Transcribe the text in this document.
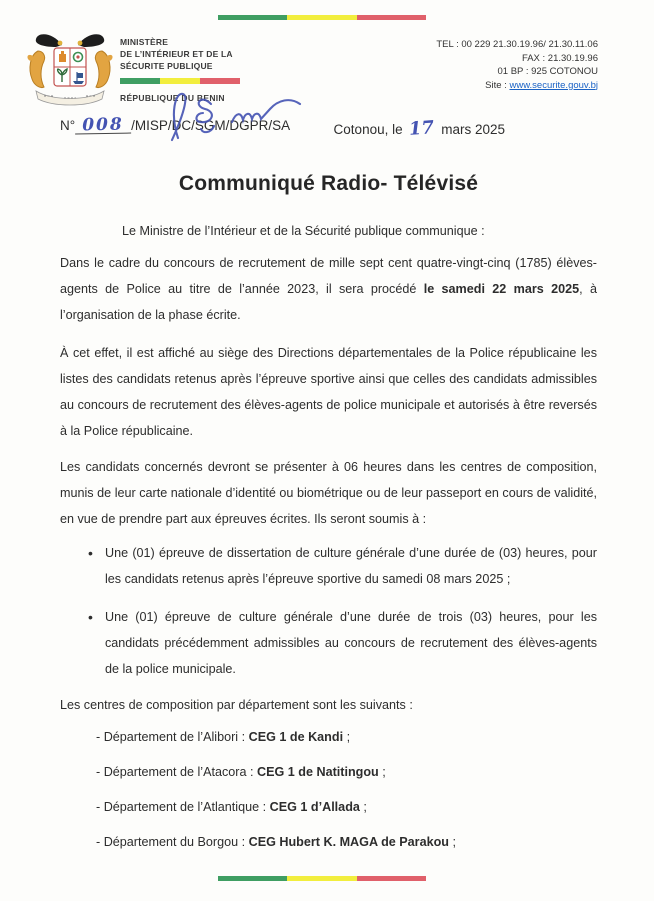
MINISTÈRE
DE L’INTÉRIEUR ET DE LA
SÉCURITE PUBLIQUE
RÉPUBLIQUE DU BENIN
TEL : 00 229 21.30.19.96/ 21.30.11.06
FAX : 21.30.19.96
01 BP : 925 COTONOU
Site : www.securite.gouv.bj
N° 008 /MISP/DC/SGM/DGPR/SA	Cotonou, le 17 mars 2025
Communiqué Radio- Télévisé

Le Ministre de l’Intérieur et de la Sécurité publique communique :

Dans le cadre du concours de recrutement de mille sept cent quatre-vingt-cinq (1785) élèves-agents de Police au titre de l’année 2023, il sera procédé le samedi 22 mars 2025, à l’organisation de la phase écrite.

À cet effet, il est affiché au siège des Directions départementales de la Police républicaine les listes des candidats retenus après l’épreuve sportive ainsi que celles des candidats admissibles au concours de recrutement des élèves-agents de police municipale et autorisés à être reversés à la Police républicaine.

Les candidats concernés devront se présenter à 06 heures dans les centres de composition, munis de leur carte nationale d’identité ou biométrique ou de leur passeport en cours de validité, en vue de prendre part aux épreuves écrites. Ils seront soumis à :

• Une (01) épreuve de dissertation de culture générale d’une durée de (03) heures, pour les candidats retenus après l’épreuve sportive du samedi 08 mars 2025 ;
• Une (01) épreuve de culture générale d’une durée de trois (03) heures, pour les candidats précédemment admissibles au concours de recrutement des élèves-agents de la police municipale.

Les centres de composition par département sont les suivants :

- Département de l’Alibori : CEG 1 de Kandi ;
- Département de l’Atacora : CEG 1 de Natitingou ;
- Département de l’Atlantique : CEG 1 d’Allada ;
- Département du Borgou : CEG Hubert K. MAGA de Parakou ;
